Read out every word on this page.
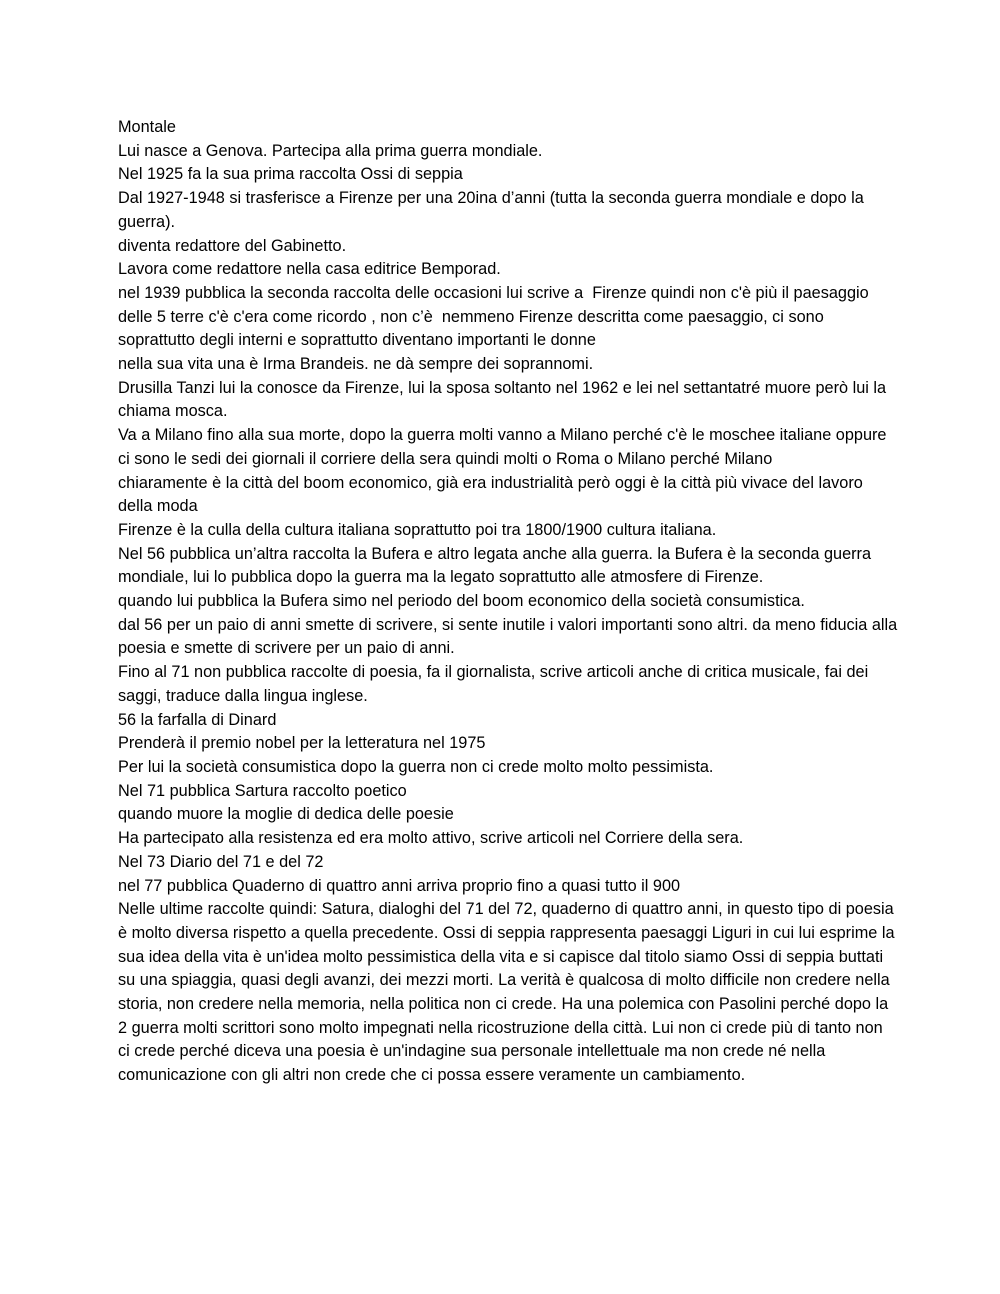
Montale

Lui nasce a Genova. Partecipa alla prima guerra mondiale.

Nel 1925 fa la sua prima raccolta Ossi di seppia

Dal 1927-1948 si trasferisce a Firenze per una 20ina d’anni (tutta la seconda guerra mondiale e dopo la guerra).

diventa redattore del Gabinetto.

Lavora come redattore nella casa editrice Bemporad.

nel 1939 pubblica la seconda raccolta delle occasioni lui scrive a  Firenze quindi non c'è più il paesaggio delle 5 terre c'è c'era come ricordo , non c’è  nemmeno Firenze descritta come paesaggio, ci sono soprattutto degli interni e soprattutto diventano importanti le donne

nella sua vita una è Irma Brandeis. ne dà sempre dei soprannomi.

Drusilla Tanzi lui la conosce da Firenze, lui la sposa soltanto nel 1962 e lei nel settantatré muore però lui la chiama mosca.

Va a Milano fino alla sua morte, dopo la guerra molti vanno a Milano perché c'è le moschee italiane oppure ci sono le sedi dei giornali il corriere della sera quindi molti o Roma o Milano perché Milano

chiaramente è la città del boom economico, già era industrialità però oggi è la città più vivace del lavoro della moda

Firenze è la culla della cultura italiana soprattutto poi tra 1800/1900 cultura italiana.

Nel 56 pubblica un’altra raccolta la Bufera e altro legata anche alla guerra. la Bufera è la seconda guerra mondiale, lui lo pubblica dopo la guerra ma la legato soprattutto alle atmosfere di Firenze.

quando lui pubblica la Bufera simo nel periodo del boom economico della società consumistica.

dal 56 per un paio di anni smette di scrivere, si sente inutile i valori importanti sono altri. da meno fiducia alla poesia e smette di scrivere per un paio di anni.

Fino al 71 non pubblica raccolte di poesia, fa il giornalista, scrive articoli anche di critica musicale, fai dei saggi, traduce dalla lingua inglese.

56 la farfalla di Dinard

Prenderà il premio nobel per la letteratura nel 1975

Per lui la società consumistica dopo la guerra non ci crede molto molto pessimista.

Nel 71 pubblica Sartura raccolto poetico

quando muore la moglie di dedica delle poesie

Ha partecipato alla resistenza ed era molto attivo, scrive articoli nel Corriere della sera.

Nel 73 Diario del 71 e del 72

nel 77 pubblica Quaderno di quattro anni arriva proprio fino a quasi tutto il 900

Nelle ultime raccolte quindi: Satura, dialoghi del 71 del 72, quaderno di quattro anni, in questo tipo di poesia è molto diversa rispetto a quella precedente. Ossi di seppia rappresenta paesaggi Liguri in cui lui esprime la sua idea della vita è un'idea molto pessimistica della vita e si capisce dal titolo siamo Ossi di seppia buttati su una spiaggia, quasi degli avanzi, dei mezzi morti. La verità è qualcosa di molto difficile non credere nella storia, non credere nella memoria, nella politica non ci crede. Ha una polemica con Pasolini perché dopo la 2 guerra molti scrittori sono molto impegnati nella ricostruzione della città. Lui non ci crede più di tanto non ci crede perché diceva una poesia è un'indagine sua personale intellettuale ma non crede né nella comunicazione con gli altri non crede che ci possa essere veramente un cambiamento.
